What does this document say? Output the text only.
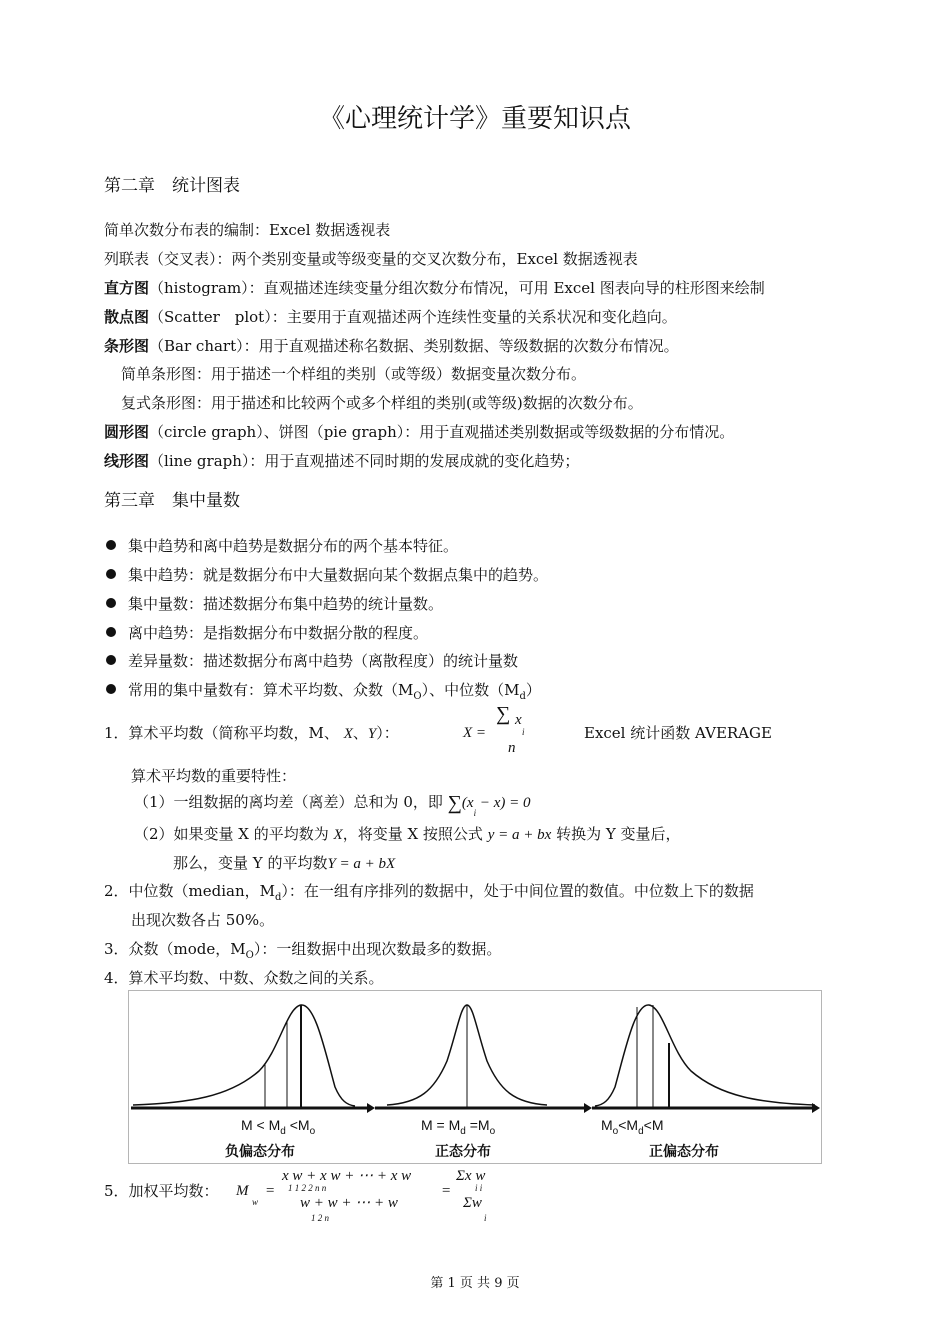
《心理统计学》重要知识点
第二章　统计图表
简单次数分布表的编制：Excel 数据透视表
列联表（交叉表）：两个类别变量或等级变量的交叉次数分布，Excel 数据透视表
直方图（histogram）：直观描述连续变量分组次数分布情况，可用 Excel 图表向导的柱形图来绘制
散点图（Scatter　plot）：主要用于直观描述两个连续性变量的关系状况和变化趋向。
条形图（Bar chart）：用于直观描述称名数据、类别数据、等级数据的次数分布情况。
简单条形图：用于描述一个样组的类别（或等级）数据变量次数分布。
复式条形图：用于描述和比较两个或多个样组的类别(或等级)数据的次数分布。
圆形图（circle graph）、饼图（pie graph）：用于直观描述类别数据或等级数据的分布情况。
线形图（line graph）：用于直观描述不同时期的发展成就的变化趋势；
第三章　集中量数
集中趋势和离中趋势是数据分布的两个基本特征。
集中趋势：就是数据分布中大量数据向某个数据点集中的趋势。
集中量数：描述数据分布集中趋势的统计量数。
离中趋势：是指数据分布中数据分散的程度。
差异量数：描述数据分布离中趋势（离散程度）的统计量数
常用的集中量数有：算术平均数、众数$(M_O)$、中位数$(M_d)$
1．算术平均数（简称平均数，M、 X、Y）：	X =
∑ x
i
n
Excel 统计函数 AVERAGE
算术平均数的重要特性：
（1）一组数据的离均差（离差）总和为 0，即 $\sum(x_i - x) = 0$
（2）如果变量 X 的平均数为 X，将变量 X 按照公式 y = a + bx 转换为 Y 变量后，
那么，变量 Y 的平均数Y = a + bX
2．中位数（median，$M_d$）：在一组有序排列的数据中，处于中间位置的数值。中位数上下的数据
出现次数各占 50%。
3．众数（mode，$M_O$）：一组数据中出现次数最多的数据。
4．算术平均数、中数、众数之间的关系。
$M < M_d <M_o$
负偏态分布
$M = M_d =M_o$
正态分布
$M_o<M_d<M$
正偏态分布
5．加权平均数： M
w
=
x w + x w + ⋯ + x w
1 1 2 2 n n
w + w + ⋯ + w
1 2 n
=
Σx w
i i
Σw
i
第 1 页 共 9 页
